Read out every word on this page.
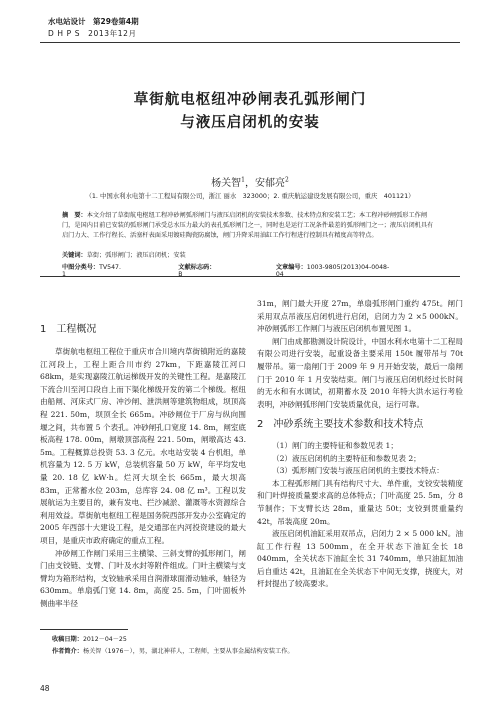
水电站设计　第29卷第4期
D H P S　2013年12月
草街航电枢纽冲砂闸表孔弧形闸门
与液压启闭机的安装
杨关智$^1$，安郁亮$^2$
（1. 中国水利水电第十二工程局有限公司，浙江 丽水　323000；2. 重庆航运建设发展有限公司，重庆　401121）
摘　要：本文介绍了草街航电枢纽工程冲砂闸弧形闸门与液压启闭机的安装技术参数、技术特点和安装工艺；本工程冲砂闸弧形工作闸门，是国内目前已安装的弧形闸门承受总水压力最大的表孔弧形闸门之一，同时也是运行工况条件最差的弧形闸门之一；液压启闭机具有启门力大、工作行程长、活塞杆表面采用镀硅陶瓷防腐蚀，闸门升降采用油缸工作行程进行控制具有精度高等特点。
关键词：草街；弧形闸门；液压启闭机；安装
中图分类号：TV547. 1
文献标志码：B
文章编号：1003-9805(2013)04-0048-04
1　工程概况

草街航电枢纽工程位于重庆市合川境内草街镇附近的嘉陵江河段上，工程上距合川市约 27km，下距嘉陵江河口 68km，是实现嘉陵江航运梯级开发的关键性工程。是嘉陵江下流合川至河口段自上而下渠化梯级开发的第二个梯级。枢纽由船闸、河床式厂房、冲沙闸、泄洪闸等建筑物组成，坝顶高程 221. 50m，坝顶全长 665m。冲砂闸位于厂房与纵向围堰之间，共布置 5 个表孔。冲砂闸孔口宽度 14. 8m，闸室底板高程 178. 00m，闸墩顶部高程 221. 50m，闸墩高达 43. 5m。工程概算总投资 53. 3 亿元。水电站安装 4 台机组，单机容量为 12. 5 万 kW，总装机容量 50 万 kW，年平均发电量 20. 18 亿 kW·h。烂河大坝全长 665m，最大坝高 83m，正常蓄水位 203m，总库容 24. 08 亿 m³。工程以发展航运为主要目的，兼有发电、拦沙减淤、灌溉等水资源综合利用效益。草街航电枢纽工程是国务院西部开发办公室确定的 2005 年西部十大建设工程，是交通部在内河投资建设的最大项目，是重庆市政府确定的重点工程。

冲砂闸工作闸门采用三主横梁、三斜支臂的弧形闸门，闸门由支铰链、支臂、门叶及水封等附件组成。门叶主横梁与支臂均为箱形结构，支铰轴承采用自润滑球面滑动轴承，轴径为 630mm。单扇弧门宽 14. 8m，高度 25. 5m，门叶面板外侧曲率半径

31m，闸门最大开度 27m，单扇弧形闸门重约 475t。闸门采用双点吊液压启闭机进行启闭，启闭力为 2 ×5 000kN。冲砂闸弧形工作闸门与液压启闭机布置见图 1。

闸门由成都勘测设计院设计，中国水利水电第十二工程局有限公司进行安装，起重设备主要采用 150t 履带吊与 70t 履带吊。第一扇闸门于 2009 年 9 月开始安装，最后一扇闸门于 2010 年 1 月安装结束。闸门与液压启闭机经过长时间的无水和有水调试，初期蓄水及 2010 年特大洪水运行考验表明，冲砂闸弧形闸门安装质量优良，运行可靠。

2　冲砂系统主要技术参数和技术特点
（1）闸门的主要特征和参数见表 1；
（2）液压启闭机的主要特征和参数见表 2；
（3）弧形闸门安装与液压启闭机的主要技术特点：

本工程弧形闸门具有结构尺寸大、单件重，支铰安装精度和门叶焊接质量要求高的总体特点；门叶高度 25. 5m，分 8 节制作；下支臂长达 28m，重量达 50t；支铰到贯重量约 42t，吊装高度 20m。

液压启闭机油缸采用双吊点，启闭力 2 × 5 000 kN。油缸工作行程 13 500mm，在全开状态下油缸全长 18 040mm，全关状态下油缸全长 31 740mm，单只油缸加油后自重达 42t，且油缸在全关状态下中间无支撑，挠度大，对杆封提出了较高要求。

收稿日期：2012－04－25
作者简介：杨关智（1976－），男，湖北神祥人，工程师，主要从事金属结构安装工作。
48
